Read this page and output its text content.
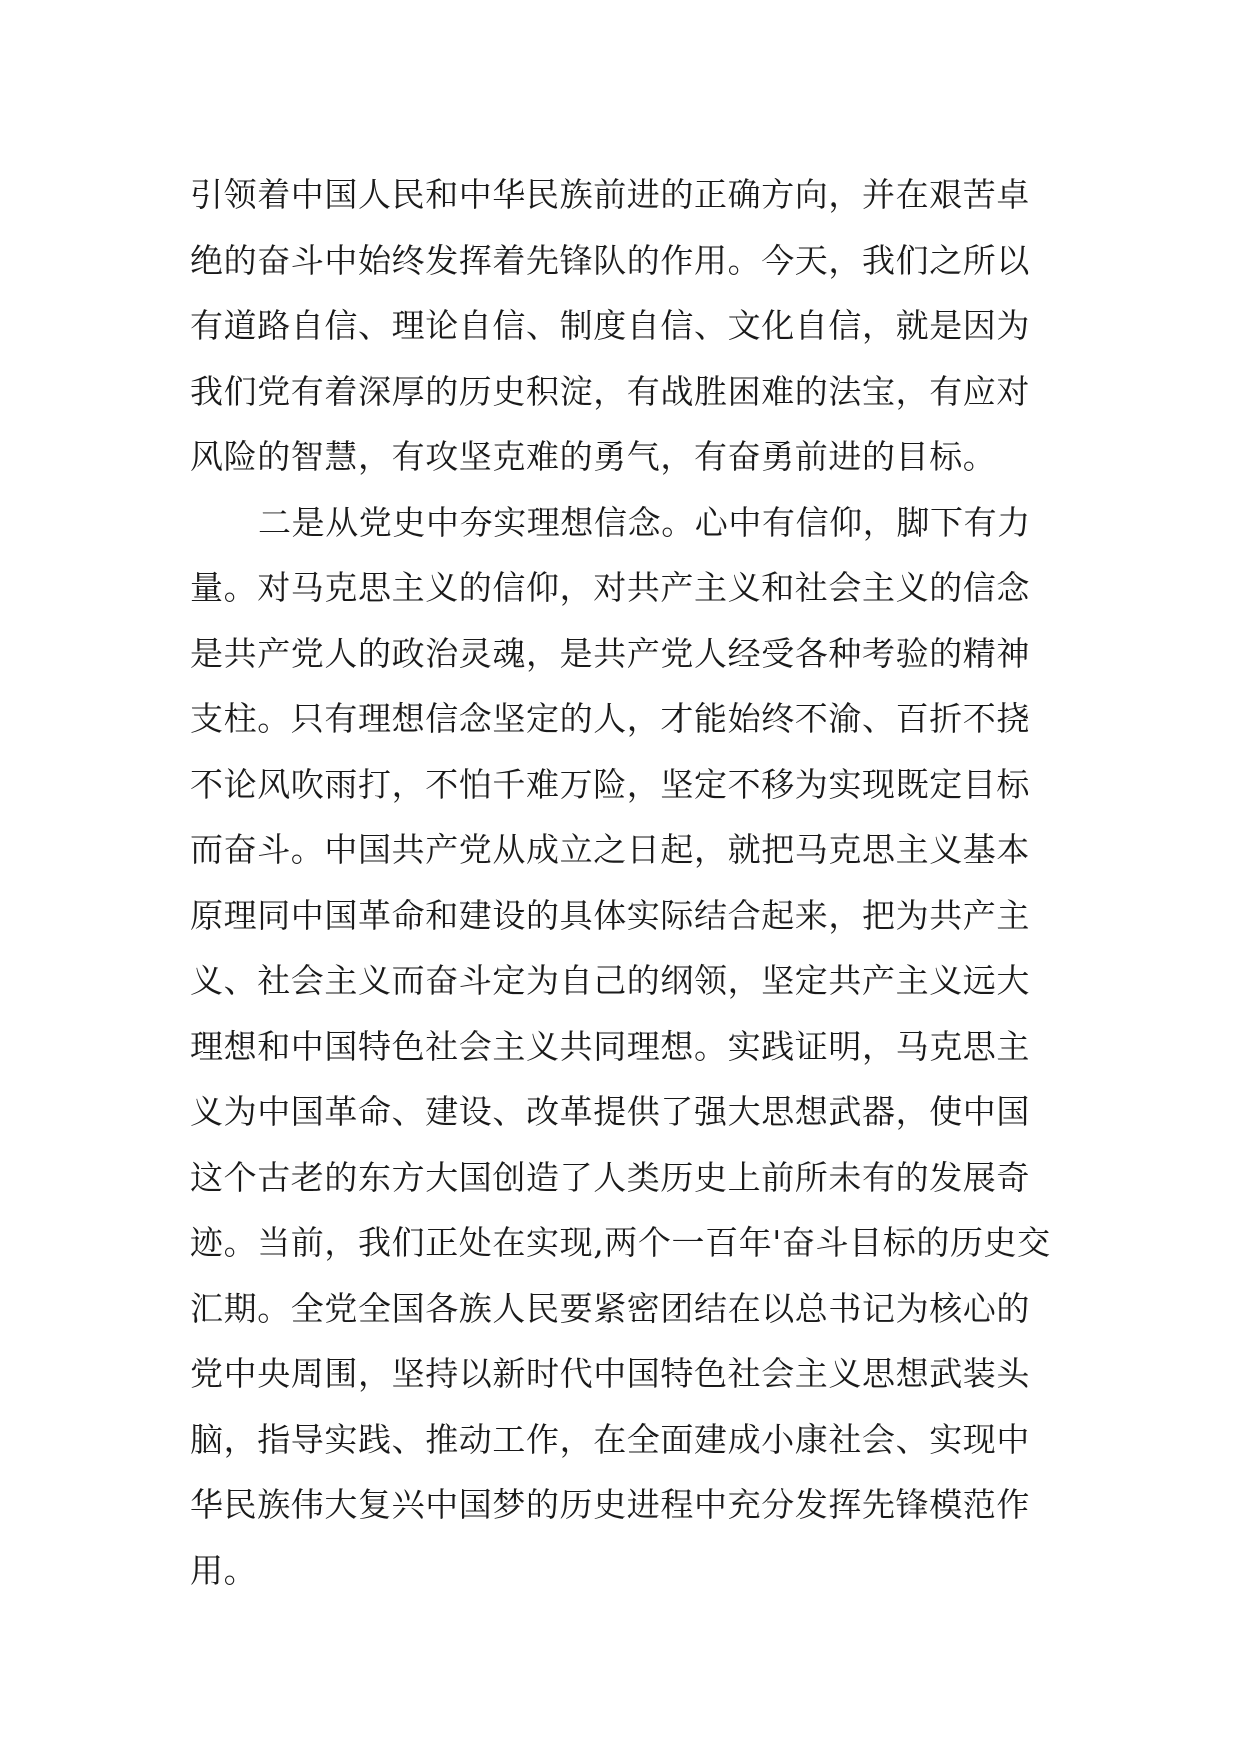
引领着中国人民和中华民族前进的正确方向，并在艰苦卓
绝的奋斗中始终发挥着先锋队的作用。今天，我们之所以
有道路自信、理论自信、制度自信、文化自信，就是因为
我们党有着深厚的历史积淀，有战胜困难的法宝，有应对
风险的智慧，有攻坚克难的勇气，有奋勇前进的目标。
二是从党史中夯实理想信念。心中有信仰，脚下有力
量。对马克思主义的信仰，对共产主义和社会主义的信念
是共产党人的政治灵魂，是共产党人经受各种考验的精神
支柱。只有理想信念坚定的人，才能始终不渝、百折不挠
不论风吹雨打，不怕千难万险，坚定不移为实现既定目标
而奋斗。中国共产党从成立之日起，就把马克思主义基本
原理同中国革命和建设的具体实际结合起来，把为共产主
义、社会主义而奋斗定为自己的纲领，坚定共产主义远大
理想和中国特色社会主义共同理想。实践证明，马克思主
义为中国革命、建设、改革提供了强大思想武器，使中国
这个古老的东方大国创造了人类历史上前所未有的发展奇
迹。当前，我们正处在实现,两个一百年'奋斗目标的历史交
汇期。全党全国各族人民要紧密团结在以总书记为核心的
党中央周围，坚持以新时代中国特色社会主义思想武装头
脑，指导实践、推动工作，在全面建成小康社会、实现中
华民族伟大复兴中国梦的历史进程中充分发挥先锋模范作
用。
